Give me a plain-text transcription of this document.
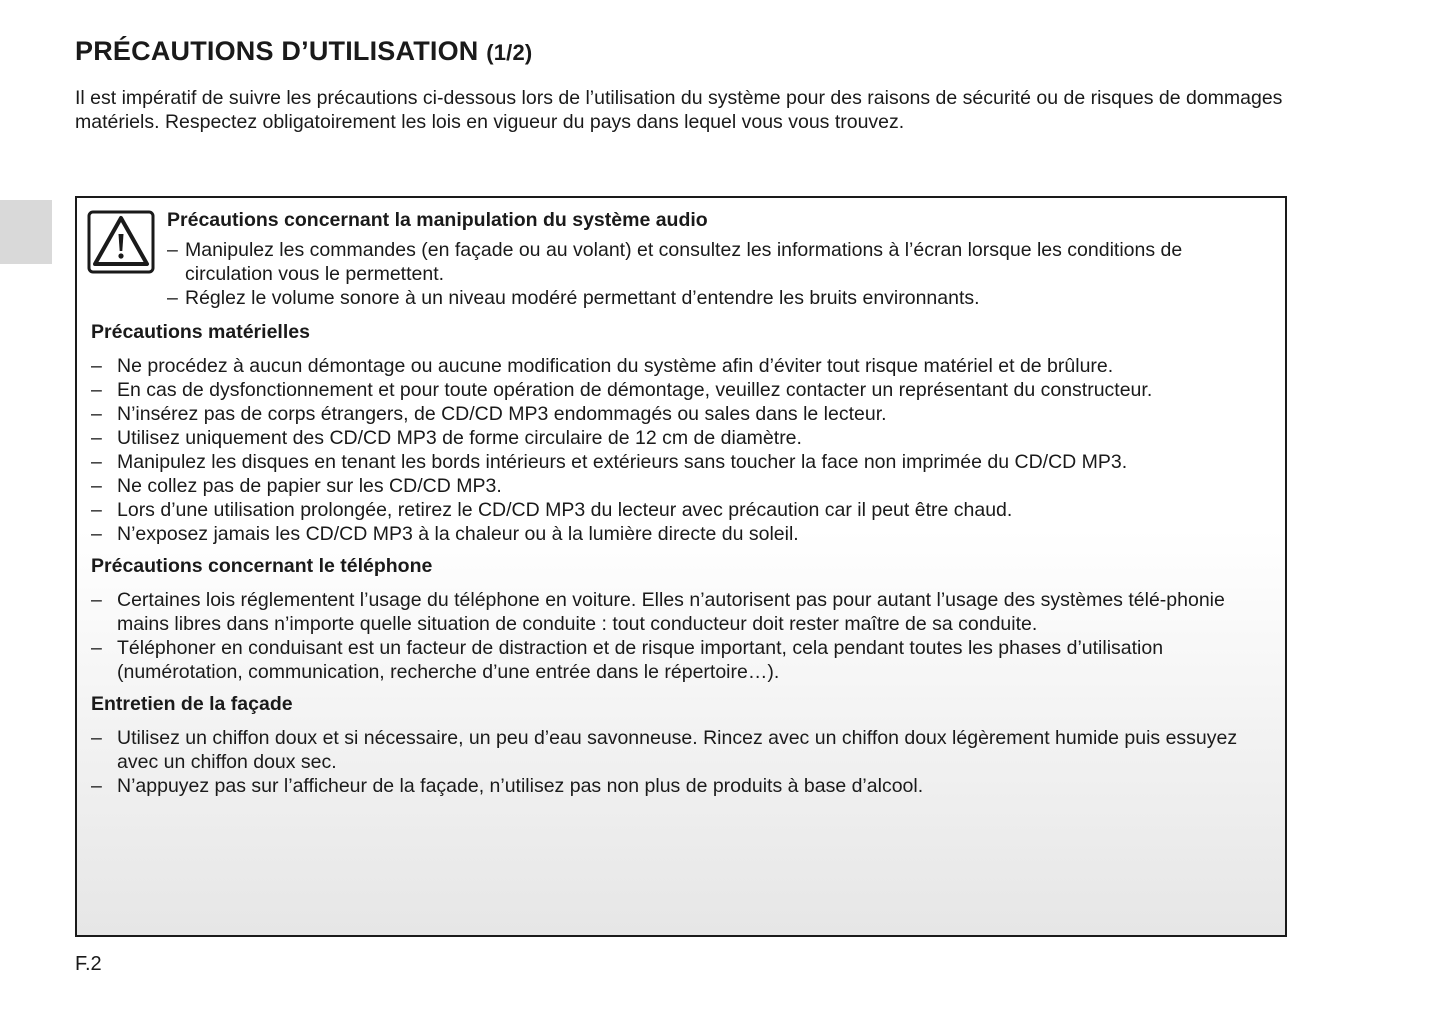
PRÉCAUTIONS D’UTILISATION (1/2)

Il est impératif de suivre les précautions ci-dessous lors de l’utilisation du système pour des raisons de sécurité ou de risques de dommages matériels. Respectez obligatoirement les lois en vigueur du pays dans lequel vous vous trouvez.

Précautions concernant la manipulation du système audio

– Manipulez les commandes (en façade ou au volant) et consultez les informations à l’écran lorsque les conditions de circulation vous le permettent.
– Réglez le volume sonore à un niveau modéré permettant d’entendre les bruits environnants.

Précautions matérielles

– Ne procédez à aucun démontage ou aucune modification du système afin d’éviter tout risque matériel et de brûlure.
– En cas de dysfonctionnement et pour toute opération de démontage, veuillez contacter un représentant du constructeur.
– N’insérez pas de corps étrangers, de CD/CD MP3 endommagés ou sales dans le lecteur.
– Utilisez uniquement des CD/CD MP3 de forme circulaire de 12 cm de diamètre.
– Manipulez les disques en tenant les bords intérieurs et extérieurs sans toucher la face non imprimée du CD/CD MP3.
– Ne collez pas de papier sur les CD/CD MP3.
– Lors d’une utilisation prolongée, retirez le CD/CD MP3 du lecteur avec précaution car il peut être chaud.
– N’exposez jamais les CD/CD MP3 à la chaleur ou à la lumière directe du soleil.

Précautions concernant le téléphone

– Certaines lois réglementent l’usage du téléphone en voiture. Elles n’autorisent pas pour autant l’usage des systèmes télé-phonie mains libres dans n’importe quelle situation de conduite : tout conducteur doit rester maître de sa conduite.
– Téléphoner en conduisant est un facteur de distraction et de risque important, cela pendant toutes les phases d’utilisation (numérotation, communication, recherche d’une entrée dans le répertoire…).

Entretien de la façade

– Utilisez un chiffon doux et si nécessaire, un peu d’eau savonneuse. Rincez avec un chiffon doux légèrement humide puis essuyez avec un chiffon doux sec.
– N’appuyez pas sur l’afficheur de la façade, n’utilisez pas non plus de produits à base d’alcool.
F.2
